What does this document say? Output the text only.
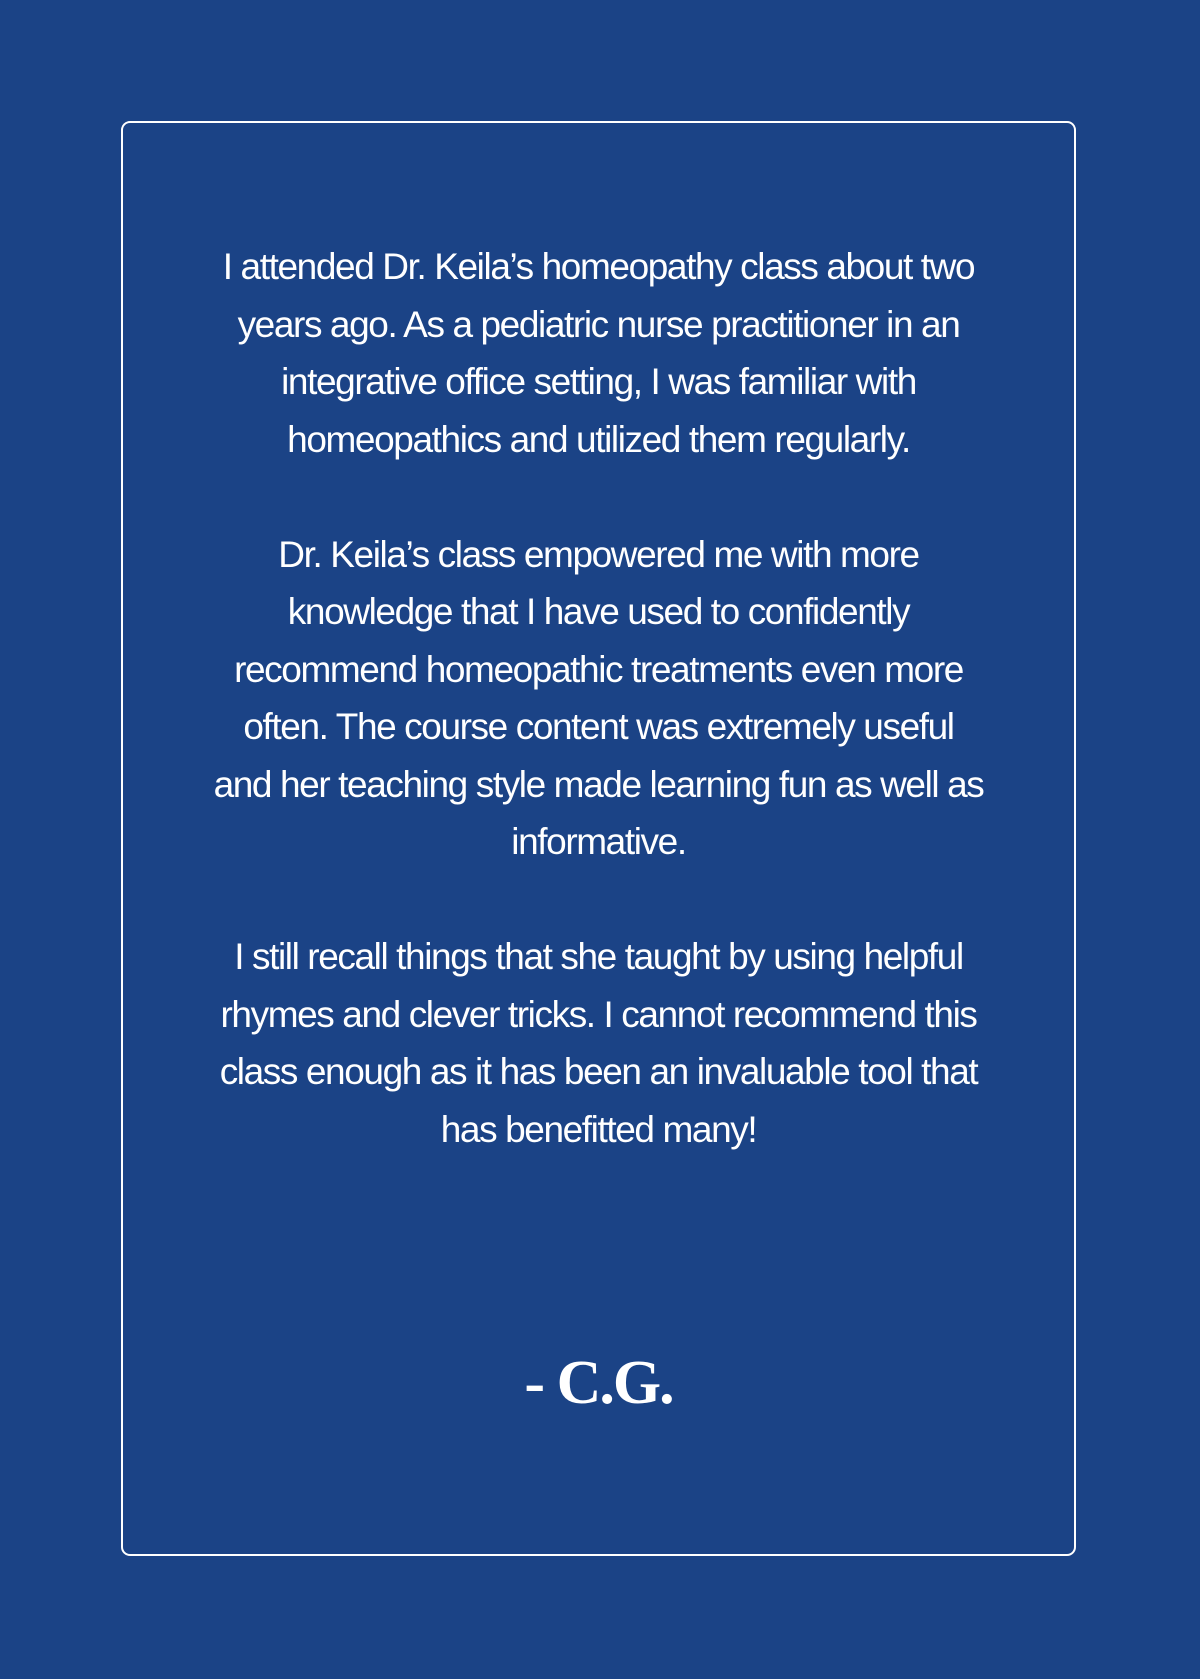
I attended Dr. Keila’s homeopathy class about two years ago. As a pediatric nurse practitioner in an integrative office setting, I was familiar with homeopathics and utilized them regularly.

Dr. Keila’s class empowered me with more knowledge that I have used to confidently recommend homeopathic treatments even more often. The course content was extremely useful and her teaching style made learning fun as well as informative.

I still recall things that she taught by using helpful rhymes and clever tricks. I cannot recommend this class enough as it has been an invaluable tool that has benefitted many!

- C.G.
